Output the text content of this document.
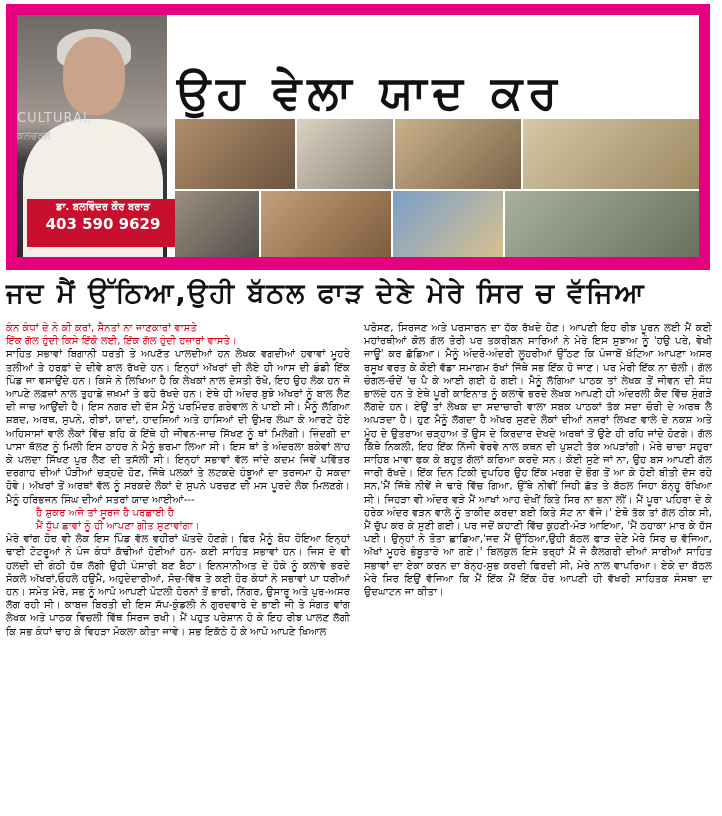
CULTURAL
ਕਲਚਰਲ
ਡਾ. ਬਲਵਿੰਦਰ ਕੌਰ ਬਰਾੜ
403 590 9629
ਉਹ ਵੇਲਾ ਯਾਦ ਕਰ
ਜਦ ਮੈਂ ਉੱਠਿਆ,ਉਹੀ ਬੱਠਲ ਫਾੜ ਦੇਣੇ ਮੇਰੇ ਸਿਰ ਚ ਵੱਜਿਆ

ਕੰਨ ਕੰਧਾਂ ਦੇ ਨੇ ਕੀ ਕਰਾਂ, ਸੈਨਤਾਂ ਨਾ ਜਾਣਕਾਰਾਂ ਵਾਸਤੇ

ਇੱਕ ਗੱਲ ਹੁੰਦੀ ਕਿਸੇ ਇੱਕੋ ਲਈ, ਇੱਕ ਗੱਲ ਹੁੰਦੀ ਹਜ਼ਾਰਾਂ ਵਾਸਤੇ।

ਸਾਹਿਤ ਸਭਾਵਾਂ ਬਿਗਾਨੀ ਧਰਤੀ ਤੇ ਅਪਣੱਤ ਪਾਲਦੀਆਂ ਹਨ ਲੇਖਕ ਵਗਦੀਆਂ ਹਵਾਵਾਂ ਮੂਹਰੇ ਤਲੀਆਂ ਤੇ ਹਰਫ਼ਾਂ ਦੇ ਦੀਵੇ ਬਾਲ ਰੱਖਦੇ ਹਨ। ਇਨ੍ਹਾਂ ਅੱਖਰਾਂ ਦੀ ਲੋਏ ਹੀ ਆਸ ਦੀ ਡੰਡੀ ਇੱਕ ਪਿੰਡ ਜਾ ਵਸਾਉਂਦੇ ਹਨ। ਕਿਸੇ ਨੇ ਲਿਖਿਆ ਹੈ ਕਿ ਲੇਖਕਾਂ ਨਾਲ ਦੋਸਤੀ ਰੱਖੋ, ਇਹ ਉਹ ਲੋਕ ਹਨ ਜੋ ਆਪਣੇ ਲਫ਼ਜ਼ਾਂ ਨਾਲ ਤੁਹਾਡੇ ਜ਼ਖ਼ਮਾਂ ਤੇ ਫਹੇ ਰੱਖਦੇ ਹਨ। ਏਥੇ ਹੀ ਅੰਦਰ ਬੁਝੇ ਅੱਖਰਾਂ ਨੂੰ ਬਾਲ ਲੈਣ ਦੀ ਜਾਚ ਆਉਂਦੀ ਹੈ। ਇਸ ਨਗਰ ਦੀ ਦੱਸ ਮੈਨੂੰ ਪਰਮਿੰਦਰ ਗਰੇਵਾਲ ਨੇ ਪਾਈ ਸੀ। ਮੈਨੂੰ ਲੱਗਿਆ ਸ਼ਬਦ, ਅਰਥ, ਸੁਪਨੇ, ਰੀਝਾਂ, ਯਾਦਾਂ, ਹਾਦਸਿਆਂ ਅਤੇ ਹਾਸਿਆਂ ਦੀ ਉਮਰ ਲੰਘਾ ਕੇ ਆਰਟੇ ਹੋਏ ਅਹਿਸਾਸਾਂ ਵਾਲੇ ਲੋਕਾਂ ਵਿੱਚ ਬਹਿ ਕੇ ਇੱਥੇ ਹੀ ਜੀਵਨ-ਜਾਚ ਸਿੱਖਣ ਨੂੰ ਥਾਂ ਮਿਲੇਗੀ। ਜ਼ਿੰਦਗੀ ਦਾ ਪਾਸਾ ਥੱਲਣ ਨੂੰ ਮਿਲੀ ਇਸ ਠਾਹਰ ਨੇ ਮੈਨੂੰ ਭਰਮਾ ਲਿਆ ਸੀ। ਇਸ ਥਾਂ ਤੇ ਅੰਦਰਲਾ ਬਕੇਵਾਂ ਲਾਹ ਕੇ ਪਲਦਾ ਸਿੱਖਣ ਪੁਰ ਲੈਣ ਦੀ ਤਸੱਲੀ ਸੀ। ਇਨ੍ਹਾਂ ਸਭਾਵਾਂ ਵੱਲ ਜਾਂਦੇ ਕਦਮ ਜਿਵੇਂ ਪਵਿੱਤਰ ਦਰਗਾਹ ਦੀਆਂ ਪੌੜੀਆਂ ਚੜ੍ਹਦੇ ਹੋਣ, ਜਿੱਥੇ ਪਲਕਾਂ ਤੇ ਲਟਕਦੇ ਹੰਝੂਆਂ ਦਾ ਤਰਜਮਾ ਹੋ ਸਕਦਾ ਹੋਵੇ। ਅੱਖਰਾਂ ਤੋਂ ਅਰਥਾਂ ਵੱਲ ਨੂੰ ਸਰਕਦੇ ਲੋਕਾਂ ਦੇ ਸੁਪਨੇ ਪਰਚਣ ਦੀ ਮਸ ਪੂਰਦੇ ਲੋਕ ਮਿਲਣਗੇ। ਮੈਨੂੰ ਹਰਿਭਜਨ ਸਿੰਘ ਦੀਆਂ ਸਤਰਾਂ ਯਾਦ ਆਈਆਂ---

ਹੈ ਸ਼ੁਕਰ ਅਜੇ ਤਾਂ ਸੂਰਜ ਹੈ ਪਰਛਾਈ ਹੈ

ਮੈਂ ਧੁੱਪ ਛਾਵਾਂ ਨੂੰ ਹੀ ਆਪਣਾ ਗੀਤ ਸੁਣਾਵਾਂਗਾ।

ਮੇਰੇ ਵਾਂਗ ਹੋਰ ਵੀ ਲੋਕ ਇਸ ਪਿੰਡ ਵੱਲ ਵਹੀਰਾਂ ਘੱਤਦੇ ਹੋਣਗੇ। ਫਿਰ ਮੈਨੂੰ ਬੋਧ ਹੋਇਆ ਇਨ੍ਹਾਂ ਢਾਈ ਟੋਟਰੂਆਂ ਨੇ ਪੰਜ ਕੰਧਾਂ ਕੱਢੀਆਂ ਹੋਈਆਂ ਹਨ- ਕਈ ਸਾਹਿਤ ਸਭਾਵਾਂ ਹਨ। ਜਿਸ ਦੇ ਵੀ ਹਲਦੀ ਦੀ ਗੰਠੀ ਹੱਥ ਲੱਗੀ ਉਹੀ ਪੰਸਾਰੀ ਬਣ ਬੈਠਾ। ਇਨਸਾਨੀਅਤ ਦੇ ਹੋਕੇ ਨੂੰ ਕਲਾਵੇ ਭਰਦੇ ਸੋਕਲੇ ਅੱਖਰਾਂ,ਓਹਲੇ ਹਉਮੈ, ਅਹੁਦੇਦਾਰੀਆਂ, ਸੋਚ-ਵਿੱਥ ਤੇ ਕਈ ਹੋਰ ਕੰਧਾਂ ਨੇ ਸਭਾਵਾਂ ਪਾ ਧਰੀਆਂ ਹਨ। ਸਮੇਤ ਮੇਰੇ, ਸਭ ਨੂੰ ਆਪੋ ਆਪਣੀ ਪੋਟਲੀ ਹੋਰਨਾਂ ਤੋਂ ਭਾਰੀ, ਨਿੱਗਰ, ਉਸਾਰੂ ਅਤੇ ਪੁਰ-ਅਸਰ ਲੱਗ ਰਹੀ ਸੀ। ਕਾਬਜ਼ ਬਿਰਤੀ ਦੀ ਇਸ ਸੱਪ-ਕੁੰਡਲੀ ਨੇ ਗੁਰਦਵਾਰੇ ਦੇ ਭਾਈ ਜੀ ਤੇ ਸੰਗਤ ਵਾਂਗ ਲੇਖਕ ਅਤੇ ਪਾਠਕ ਵਿਚਲੀ ਵਿੱਥ ਸਿਰਜ ਰਖੀ। ਮੈਂ ਪਹੁਤ ਪਰੇਸ਼ਾਨ ਹੋ ਕੇ ਇਹ ਰੀਝ ਪਾਲਣ ਲੱਗੀ ਕਿ ਸਭ ਕੰਧਾਂ ਢਾਹ ਕੇ ਵਿਹੜਾ ਮੋਕਲਾ ਕੀਤਾ ਜਾਵੇ। ਸਭ ਇਕੱਠੇ ਹੋ ਕੇ ਆਪੋ ਆਪਣੇ ਖਿਆਲ

ਪਰੋਸਣ, ਸਿਰਜਣ ਅਤੇ ਪਰਸਾਰਨ ਦਾ ਹੱਕ ਰੱਖਦੇ ਹੋਣ। ਆਪਣੀ ਇਹ ਰੀਝ ਪੂਰਨ ਲਈ ਮੈਂ ਕਈ ਮਹਾਂਰਥੀਆਂ ਕੋਲ ਗੱਲ ਤੋਰੀ ਪਰ ਤਕਰੀਬਨ ਸਾਰਿਆਂ ਨੇ ਮੇਰੇ ਇਸ ਸੁਝਾਅ ਨੂੰ 'ਹਉ ਪਰੇ, ਵੇਖੀ ਜਾਊ' ਕਰ ਛੱਡਿਆ। ਮੈਨੂੰ ਅੰਦਰੋ-ਅੰਦਰੀ ਲੂਹਰੀਆਂ ਉੱਠਣ ਕਿ ਪੰਜਾਬੋਂ ਖੱਟਿਆ ਆਪਣਾ ਅਸਰ ਰਸੂਖ ਵਰਤ ਕੇ ਕੋਈ ਵੱਡਾ ਸਮਾਗਮ ਰੱਖਾਂ ਜਿੱਥੇ ਸਭ ਇੱਕ ਹੋ ਜਾਣ। ਪਰ ਮੇਰੀ ਇੱਕ ਨਾ ਚੱਲੀ। ਗੱਲ ਚੰਗਲ-ਚੌਦੇਂ 'ਚ ਪੈ ਕੇ ਆਈ ਗਈ ਹੋ ਗਈ। ਮੈਨੂੰ ਲੱਗਿਆ ਪਾਠਕ ਤਾਂ ਲੇਖਕ ਤੋਂ ਜੀਵਨ ਦੀ ਸੋਧ ਭਾਲਦੇ ਹਨ ਤੇ ਏਥੇ ਪੂਰੀ ਕਾਇਨਾਤ ਨੂੰ ਕਲਾਵੇ ਭਰਦੇ ਲੇਖਕ ਆਪਣੀ ਹੀ ਅੰਦਰਲੀ ਕੈਦ ਵਿੱਚ ਸੁੰਗੜੇ ਲੱਗਦੇ ਹਨ। ਏਉਂ ਤਾਂ ਲੇਖਕ ਦਾ ਸਦਾਚਾਰੀ ਵਾਲਾ ਸਬਕ ਪਾਠਕਾਂ ਤੱਕ ਸਦਾ ਚੋਰੀ ਦੇ ਅਰਥ ਲੈ ਅਪੜਦਾ ਹੈ। ਹੁਣ ਮੈਨੂੰ ਲੱਗਦਾ ਹੈ ਅੱਖਰ ਸੁਣਦੇ ਲੋਕਾਂ ਦੀਆਂ ਨਜ਼ਰਾਂ ਲਿਖਣ ਵਾਲੇ ਦੇ ਨਕਸ਼ ਅਤੇ ਮੂੰਹ ਦੇ ਉਤਰਾਅ ਚੜ੍ਹਾਅ ਤੋਂ ਉਸ ਦੇ ਕਿਰਦਾਰ ਦੇਖਦੇ ਅਰਥਾਂ ਤੋਂ ਉਣੇ ਹੀ ਰਹਿ ਜਾਂਦੇ ਹੋਣਗੇ। ਗੱਲ ਕਿੱਥੇ ਨਿਕਲੀ, ਇਹ ਇੱਕ ਨਿੱਜੀ ਵੇਰਵੇ ਨਾਲ ਕਥਨ ਦੀ ਪੁਸ਼ਟੀ ਤੱਕ ਅਪੜਾਂਗੀ। ਮੇਰੇ ਚਾਚਾ ਸਹੁਰਾ ਸਾਹਿਬ ਮਾਵਾ ਫਕ ਕੇ ਬਹੁਤ ਗੱਲਾਂ ਕਰਿਆ ਕਰਦੇ ਸਨ। ਕੋਈ ਸੁਣੇ ਜਾਂ ਨਾ, ਉਹ ਬਸ ਆਪਣੀ ਗੱਲ ਜਾਰੀ ਰੱਖਦੇ। ਇੱਕ ਦਿਨ ਟਿਕੀ ਦੁਪਹਿਰ ਉਹ ਇੱਕ ਮਰਗ ਦੇ ਭੋਗ ਤੋਂ ਆ ਕੇ ਹੋਈ ਬੀਤੀ ਦੱਸ ਰਹੇ ਸਨ,'ਮੈਂ ਜਿੱਥੇ ਨੀਵੇਂ ਜੇ ਢਾਰੇ ਵਿੱਚ ਗਿਆ, ਉੱਥੇ ਨੀਵੀਂ ਜਿਹੀ ਛੱਤ ਤੇ ਬੱਠਲ ਜਿਹਾ ਬੰਨ੍ਹੂ ਰੱਖਿਆ ਸੀ। ਜਿਹੜਾ ਵੀ ਅੰਦਰ ਵੜੇ ਮੈਂ ਆਖਾਂ ਆਹ ਦੇਖੀਂ ਕਿਤੇ ਸਿਰ ਨਾ ਭਨਾ ਲੀਂ। ਮੈਂ ਪੂਰਾ ਪਹਿਰਾ ਦੇ ਕੇ ਹਰੇਕ ਅੰਦਰ ਵੜਨ ਵਾਲੇ ਨੂੰ ਤਾਕੀਦ ਕਰਦਾ ਬਈ ਕਿਤੇ ਸੱਟ ਨਾ ਵੱਜੇ।' ਏਥੋ ਤੱਕ ਤਾਂ ਗੱਲ ਠੀਕ ਸੀ, ਮੈਂ ਚੁੱਪ ਕਰ ਕੇ ਸੁਣੀ ਗਈ। ਪਰ ਜਦੋਂ ਕਹਾਣੀ ਵਿੱਚ ਕੁਹਣੀ-ਮੋੜ ਆਇਆ, 'ਮੈਂ ਠਹਾਕਾ ਮਾਰ ਕੇ ਹੱਸ ਪਈ। ਉਨ੍ਹਾਂ ਨੇ ਤੋਤਾ ਛਾਡਿਆ,'ਜਦ ਮੈਂ ਉੱਠਿਆ,ਉਹੀ ਬੱਠਲ ਫਾੜ ਦੇਣੇ ਮੇਰੇ ਸਿਰ ਚ ਵੱਜਿਆ, ਅੱਖਾਂ ਮੂਹਰੇ ਭੰਬੂਤਾਰੇ ਆ ਗਏ।' ਬਿਲਕੁਲ ਇਸੇ ਤਰ੍ਹਾਂ ਮੈਂ ਜੋ ਕੈਲਗਰੀ ਦੀਆਂ ਸਾਰੀਆਂ ਸਾਹਿਤ ਸਭਾਵਾਂ ਦਾ ਏਕਾ ਕਰਨ ਦਾ ਬੰਨ੍ਹ-ਸੁਭ ਕਰਦੀ ਫਿਰਦੀ ਸੀ, ਮੇਰੇ ਨਾਲ ਵਾਪਰਿਆ। ਏਕੇ ਦਾ ਬੱਠਲ ਮੇਰੇ ਸਿਰ ਇਉਂ ਵੱਜਿਆ ਕਿ ਮੈਂ ਇੱਕ ਮੈਂ ਇੱਕ ਹੋਰ ਆਪਣੀ ਹੀ ਵੱਖਰੀ ਸਾਹਿਤਕ ਸੰਸਥਾ ਦਾ ਉਦਘਾਟਨ ਜਾ ਕੀਤਾ।
